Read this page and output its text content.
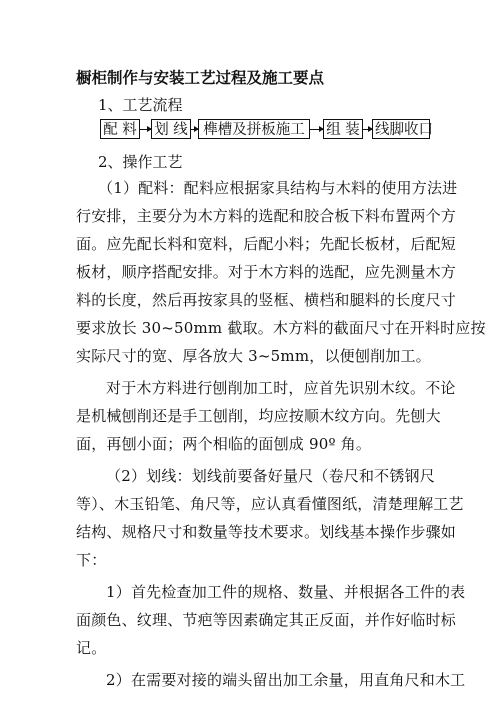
橱柜制作与安装工艺过程及施工要点
1、工艺流程
配 料 划 线	榫槽及拼板施工	组 装 线脚收口
2、操作工艺
（1）配料：配料应根据家具结构与木料的使用方法进
行安排，主要分为木方料的选配和胶合板下料布置两个方
面。应先配长料和宽料，后配小料；先配长板材，后配短
板材，顺序搭配安排。对于木方料的选配，应先测量木方
料的长度，然后再按家具的竖框、横档和腿料的长度尺寸
要求放长 30~50mm 截取。木方料的截面尺寸在开料时应按
实际尺寸的宽、厚各放大 3~5mm，以便刨削加工。
对于木方料进行刨削加工时，应首先识别木纹。不论
是机械刨削还是手工刨削，均应按顺木纹方向。先刨大
面，再刨小面；两个相临的面刨成 90º 角。
（2）划线：划线前要备好量尺（卷尺和不锈钢尺
等）、木玉铅笔、角尺等，应认真看懂图纸，清楚理解工艺
结构、规格尺寸和数量等技术要求。划线基本操作步骤如
下：
1）首先检查加工件的规格、数量、并根据各工件的表
面颜色、纹理、节疤等因素确定其正反面，并作好临时标
记。
2）在需要对接的端头留出加工余量，用直角尺和木工
